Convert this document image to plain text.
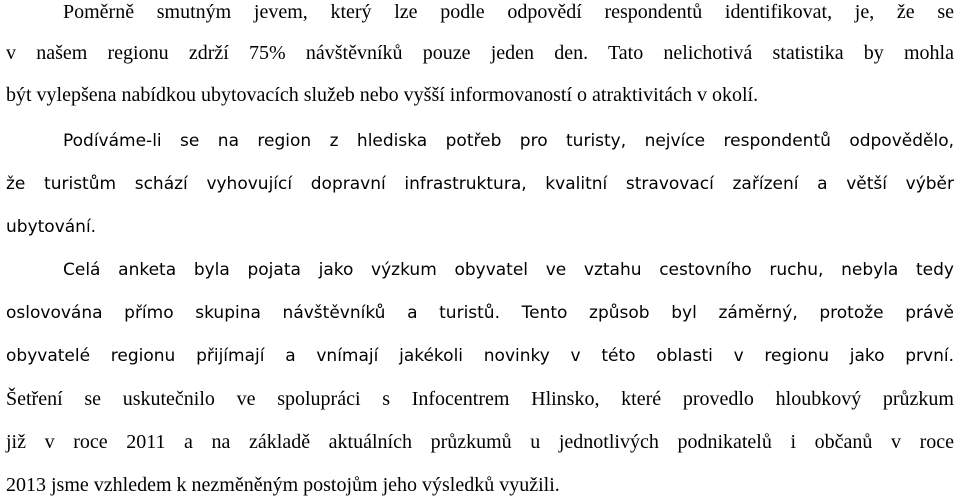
Poměrně smutným jevem, který lze podle odpovědí respondentů identifikovat, je, že se
v našem regionu zdrží 75% návštěvníků pouze jeden den. Tato nelichotivá statistika by mohla
být vylepšena nabídkou ubytovacích služeb nebo vyšší informovaností o atraktivitách v okolí.
Podíváme-li se na region z hlediska potřeb pro turisty, nejvíce respondentů odpovědělo,
že turistům schází vyhovující dopravní infrastruktura, kvalitní stravovací zařízení a větší výběr
ubytování.
Celá anketa byla pojata jako výzkum obyvatel ve vztahu cestovního ruchu, nebyla tedy
oslovována přímo skupina návštěvníků a turistů. Tento způsob byl záměrný, protože právě
obyvatelé regionu přijímají a vnímají jakékoli novinky v této oblasti v regionu jako první.
Šetření se uskutečnilo ve spolupráci s Infocentrem Hlinsko, které provedlo hloubkový průzkum
již v roce 2011 a na základě aktuálních průzkumů u jednotlivých podnikatelů i občanů v roce
2013 jsme vzhledem k nezměněným postojům jeho výsledků využili.
